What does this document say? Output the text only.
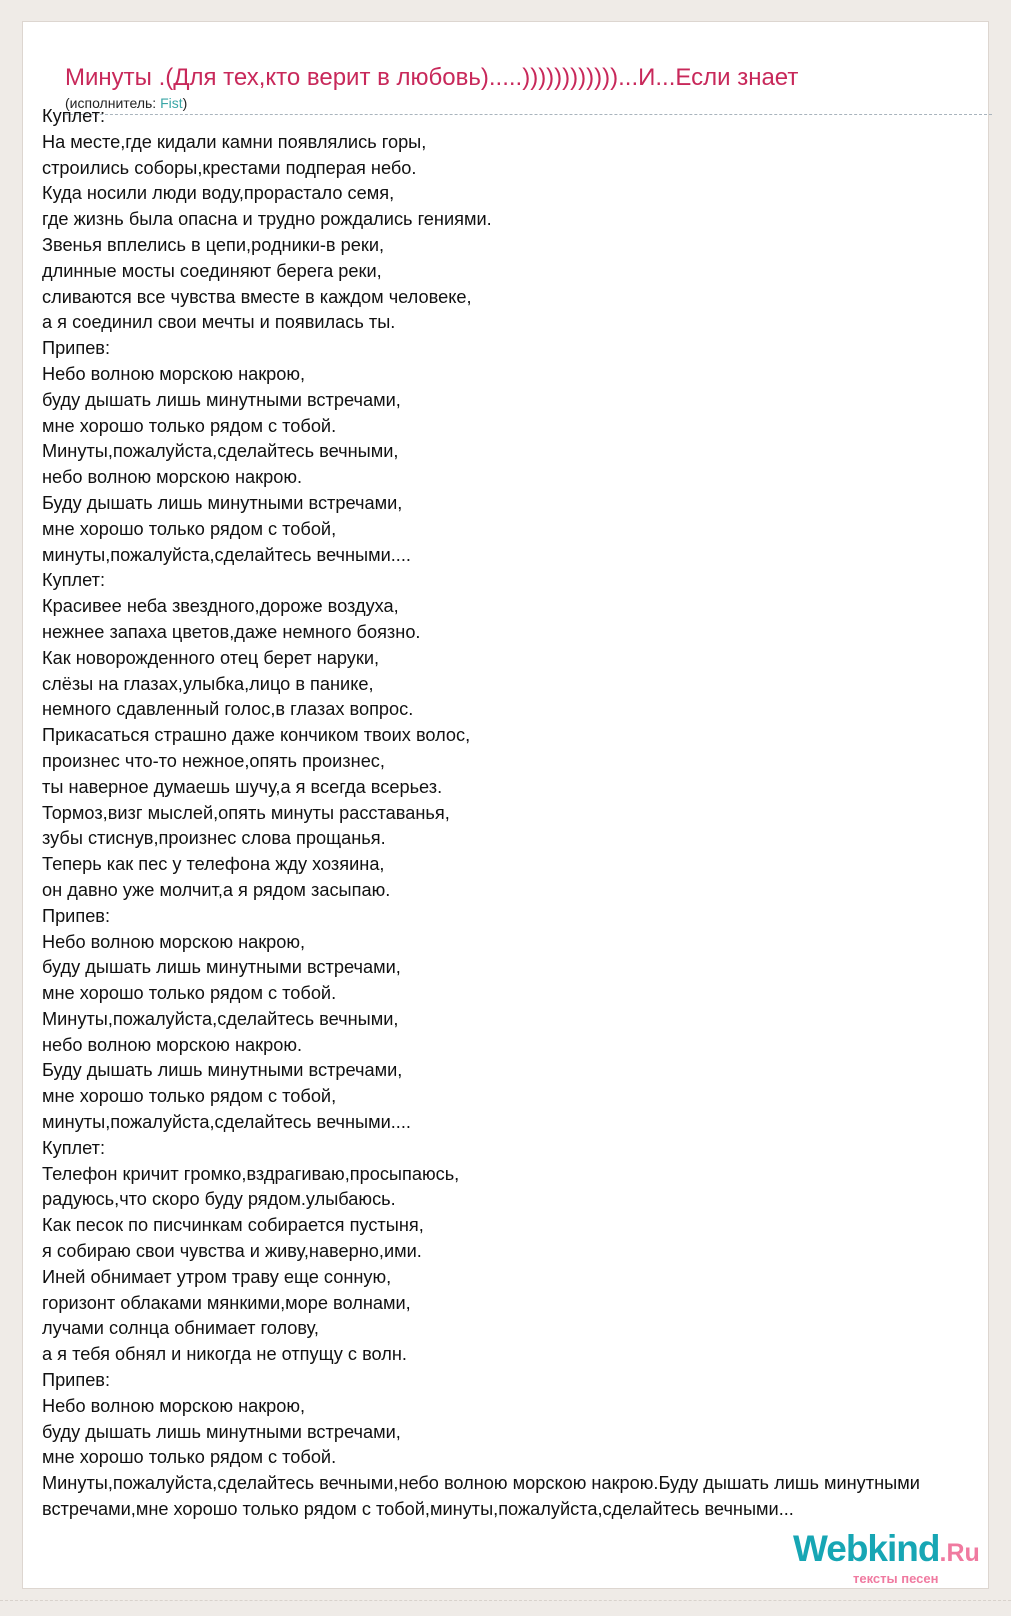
Минуты .(Для тех,кто верит в любовь).....))))))))))))...И...Если знает
(исполнитель: Fist)
Куплет:
На месте,где кидали камни появлялись горы,
строились соборы,крестами подперая небо.
Куда носили люди воду,прорастало семя,
где жизнь была опасна и трудно рождались гениями.
Звенья вплелись в цепи,родники-в реки,
длинные мосты соединяют берега реки,
сливаются все чувства вместе в каждом человеке,
а я соединил свои мечты и появилась ты.
Припев:
Небо волною морскою накрою,
буду дышать лишь минутными встречами,
мне хорошо только рядом с тобой.
Минуты,пожалуйста,сделайтесь вечными,
небо волною морскою накрою.
Буду дышать лишь минутными встречами,
мне хорошо только рядом с тобой,
минуты,пожалуйста,сделайтесь вечными....
Куплет:
Красивее неба звездного,дороже воздуха,
нежнее запаха цветов,даже немного боязно.
Как новорожденного отец берет наруки,
слёзы на глазах,улыбка,лицо в панике,
немного сдавленный голос,в глазах вопрос.
Прикасаться страшно даже кончиком твоих волос,
произнес что-то нежное,опять произнес,
ты наверное думаешь шучу,а я всегда всерьез.
Тормоз,визг мыслей,опять минуты расставанья,
зубы стиснув,произнес слова прощанья.
Теперь как пес у телефона жду хозяина,
он давно уже молчит,а я рядом засыпаю.
Припев:
Небо волною морскою накрою,
буду дышать лишь минутными встречами,
мне хорошо только рядом с тобой.
Минуты,пожалуйста,сделайтесь вечными,
небо волною морскою накрою.
Буду дышать лишь минутными встречами,
мне хорошо только рядом с тобой,
минуты,пожалуйста,сделайтесь вечными....
Куплет:
Телефон кричит громко,вздрагиваю,просыпаюсь,
радуюсь,что скоро буду рядом.улыбаюсь.
Как песок по писчинкам собирается пустыня,
я собираю свои чувства и живу,наверно,ими.
Иней обнимает утром траву еще сонную,
горизонт облаками мянкими,море волнами,
лучами солнца обнимает голову,
а я тебя обнял и никогда не отпущу с волн.
Припев:
Небо волною морскою накрою,
буду дышать лишь минутными встречами,
мне хорошо только рядом с тобой.
Минуты,пожалуйста,сделайтесь вечными,небо волною морскою накрою.Буду дышать лишь минутными
встречами,мне хорошо только рядом с тобой,минуты,пожалуйста,сделайтесь вечными...
Webkind.Ru
тексты песен
